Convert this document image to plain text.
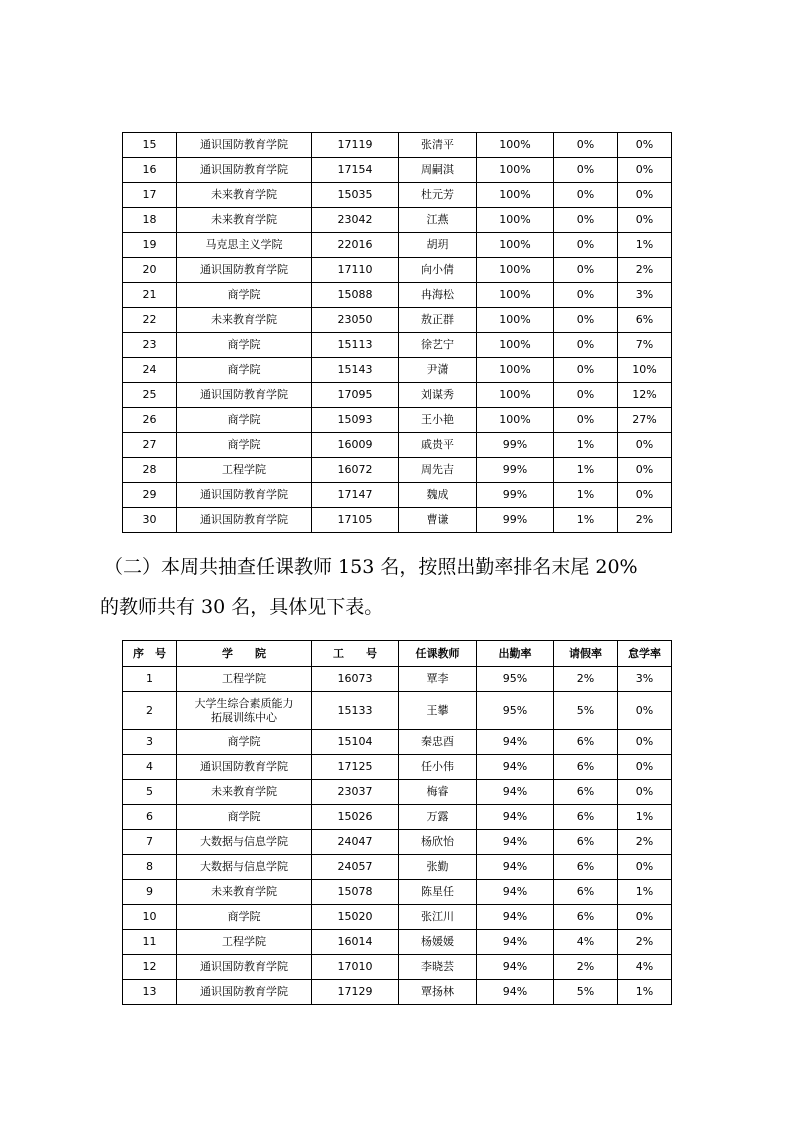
15	通识国防教育学院	17119	张清平	100%	0%	0%
16	通识国防教育学院	17154	周嗣淇	100%	0%	0%
17	未来教育学院	15035	杜元芳	100%	0%	0%
18	未来教育学院	23042	江燕	100%	0%	0%
19	马克思主义学院	22016	胡玥	100%	0%	1%
20	通识国防教育学院	17110	向小倩	100%	0%	2%
21	商学院	15088	冉海松	100%	0%	3%
22	未来教育学院	23050	敖正群	100%	0%	6%
23	商学院	15113	徐艺宁	100%	0%	7%
24	商学院	15143	尹潇	100%	0%	10%
25	通识国防教育学院	17095	刘谋秀	100%	0%	12%
26	商学院	15093	王小艳	100%	0%	27%
27	商学院	16009	戚贵平	99%	1%	0%
28	工程学院	16072	周先吉	99%	1%	0%
29	通识国防教育学院	17147	魏成	99%	1%	0%
30	通识国防教育学院	17105	曹谦	99%	1%	2%
（二）本周共抽查任课教师 153 名，按照出勤率排名末尾 20%
的教师共有 30 名，具体见下表。
序　号	学　　院	工　　号	任课教师	出勤率	请假率	怠学率
1	工程学院	16073	覃李	95%	2%	3%
2	大学生综合素质能力
拓展训练中心	15133	王攀	95%	5%	0%
3	商学院	15104	秦忠酉	94%	6%	0%
4	通识国防教育学院	17125	任小伟	94%	6%	0%
5	未来教育学院	23037	梅睿	94%	6%	0%
6	商学院	15026	万露	94%	6%	1%
7	大数据与信息学院	24047	杨欣怡	94%	6%	2%
8	大数据与信息学院	24057	张勤	94%	6%	0%
9	未来教育学院	15078	陈星任	94%	6%	1%
10	商学院	15020	张江川	94%	6%	0%
11	工程学院	16014	杨媛媛	94%	4%	2%
12	通识国防教育学院	17010	李晓芸	94%	2%	4%
13	通识国防教育学院	17129	覃扬林	94%	5%	1%
